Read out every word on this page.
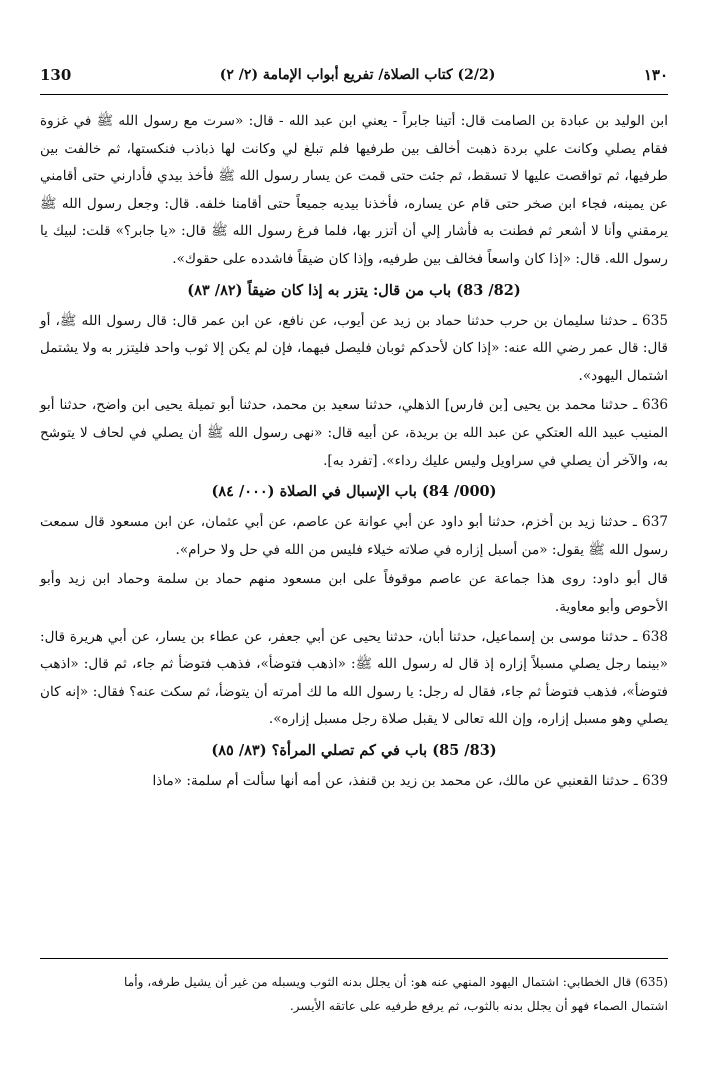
130	(2/2) كتاب الصلاة/ تفريع أبواب الإمامة (٢/ ٢)	١٣٠

ابن الوليد بن عبادة بن الصامت قال: أتينا جابراً - يعني ابن عبد الله - قال: «سرت مع رسول الله ﷺ في غزوة فقام يصلي وكانت علي بردة ذهبت أخالف بين طرفيها فلم تبلغ لي وكانت لها ذباذب فنكستها، ثم خالفت بين طرفيها، ثم تواقصت عليها لا تسقط، ثم جئت حتى قمت عن يسار رسول الله ﷺ فأخذ بيدي فأدارني حتى أقامني عن يمينه، فجاء ابن صخر حتى قام عن يساره، فأخذنا بيديه جميعاً حتى أقامنا خلفه. قال: وجعل رسول الله ﷺ يرمقني وأنا لا أشعر ثم فطنت به فأشار إلي أن أتزر بها، فلما فرغ رسول الله ﷺ قال: «يا جابر؟» قلت: لبيك يا رسول الله. قال: «إذا كان واسعاً فخالف بين طرفيه، وإذا كان ضيقاً فاشدده على حقوك».

(82/ 83) باب من قال: يتزر به إذا كان ضيقاً (٨٢/ ٨٣)

635 ـ حدثنا سليمان بن حرب حدثنا حماد بن زيد عن أيوب، عن نافع، عن ابن عمر قال: قال رسول الله ﷺ، أو قال: قال عمر رضي الله عنه: «إذا كان لأحدكم ثوبان فليصل فيهما، فإن لم يكن إلا ثوب واحد فليتزر به ولا يشتمل اشتمال اليهود».

636 ـ حدثنا محمد بن يحيى [بن فارس] الذهلي، حدثنا سعيد بن محمد، حدثنا أبو تميلة يحيى ابن واضح، حدثنا أبو المنيب عبيد الله العتكي عن عبد الله بن بريدة، عن أبيه قال: «نهى رسول الله ﷺ أن يصلي في لحاف لا يتوشح به، والآخر أن يصلي في سراويل وليس عليك رداء». [تفرد به].

(000/ 84) باب الإسبال في الصلاة (٠٠٠/ ٨٤)

637 ـ حدثنا زيد بن أخزم، حدثنا أبو داود عن أبي عوانة عن عاصم، عن أبي عثمان، عن ابن مسعود قال سمعت رسول الله ﷺ يقول: «من أسبل إزاره في صلاته خيلاء فليس من الله في حل ولا حرام».

قال أبو داود: روى هذا جماعة عن عاصم موقوفاً على ابن مسعود منهم حماد بن سلمة وحماد ابن زيد وأبو الأحوص وأبو معاوية.

638 ـ حدثنا موسى بن إسماعيل، حدثنا أبان، حدثنا يحيى عن أبي جعفر، عن عطاء بن يسار، عن أبي هريرة قال: «بينما رجل يصلي مسبلاً إزاره إذ قال له رسول الله ﷺ: «اذهب فتوضأ»، فذهب فتوضأ ثم جاء، ثم قال: «اذهب فتوضأ»، فذهب فتوضأ ثم جاء، فقال له رجل: يا رسول الله ما لك أمرته أن يتوضأ، ثم سكت عنه؟ فقال: «إنه كان يصلي وهو مسبل إزاره، وإن الله تعالى لا يقبل صلاة رجل مسبل إزاره».

(83/ 85) باب في كم تصلي المرأة؟ (٨٣/ ٨٥)

639 ـ حدثنا القعنبي عن مالك، عن محمد بن زيد بن قنفذ، عن أمه أنها سألت أم سلمة: «ماذا

(635) قال الخطابي: اشتمال اليهود المنهي عنه هو: أن يجلل بدنه الثوب ويسبله من غير أن يشيل طرفه، وأما

اشتمال الصماء فهو أن يجلل بدنه بالثوب، ثم يرفع طرفيه على عاتقه الأيسر.
